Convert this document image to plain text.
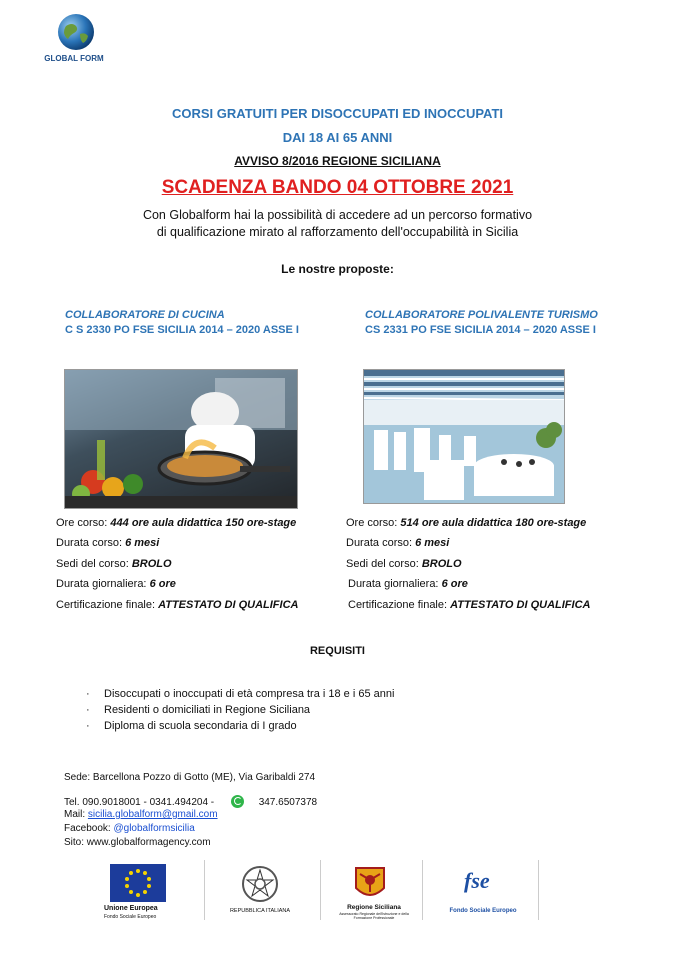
GLOBAL FORM
CORSI GRATUITI PER DISOCCUPATI ED INOCCUPATI
DAI 18 AI 65 ANNI
AVVISO 8/2016 REGIONE SICILIANA
SCADENZA BANDO 04 OTTOBRE 2021
Con Globalform hai la possibilità di accedere ad un percorso formativo
di qualificazione mirato al rafforzamento dell'occupabilità in Sicilia
Le nostre proposte:
COLLABORATORE DI CUCINA
C S 2330 PO FSE SICILIA 2014 – 2020 ASSE I
Ore corso: 444 ore aula didattica 150 ore-stage
Durata corso: 6 mesi
Sedi del corso: BROLO
Durata giornaliera: 6 ore
Certificazione finale: ATTESTATO DI QUALIFICA
COLLABORATORE POLIVALENTE TURISMO
CS 2331 PO FSE SICILIA 2014 – 2020 ASSE I
Ore corso: 514 ore aula didattica 180 ore-stage
Durata corso: 6 mesi
Sedi del corso: BROLO
Durata giornaliera: 6 ore
Certificazione finale: ATTESTATO DI QUALIFICA
REQUISITI
· Disoccupati o inoccupati di età compresa tra i 18 e i 65 anni
· Residenti o domiciliati in Regione Siciliana
· Diploma di scuola secondaria di I grado
Sede: Barcellona Pozzo di Gotto (ME), Via Garibaldi 274
Tel. 090.9018001 - 0341.494204 -	347.6507378
Mail: sicilia.globalform@gmail.com
Facebook: @globalformsicilia
Sito: www.globalformagency.com
Unione Europea
Fondo Sociale Europeo
REPUBBLICA ITALIANA	Regione Siciliana
Assessorato Regionale dell'Istruzione e della Formazione Professionale
fse
Fondo Sociale Europeo
